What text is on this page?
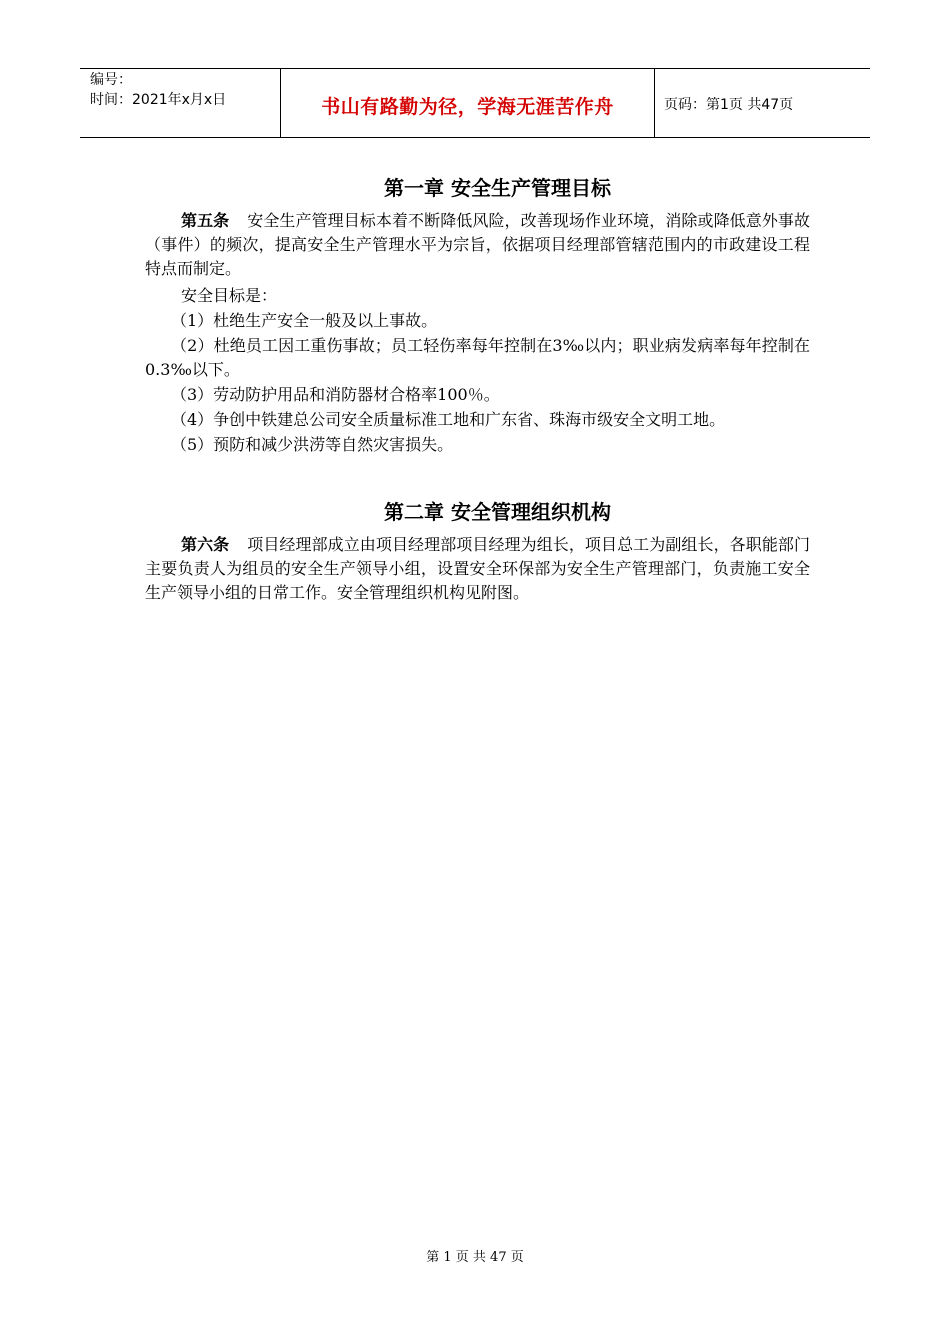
编号：
时间：2021年x月x日	书山有路勤为径，学海无涯苦作舟	页码：第1页 共47页
第一章 安全生产管理目标
第五条 安全生产管理目标本着不断降低风险，改善现场作业环境，消除或降低意外事故（事件）的频次，提高安全生产管理水平为宗旨，依据项目经理部管辖范围内的市政建设工程特点而制定。
安全目标是：
（1）杜绝生产安全一般及以上事故。
（2）杜绝员工因工重伤事故；员工轻伤率每年控制在3‰以内；职业病发病率每年控制在0.3‰以下。
（3）劳动防护用品和消防器材合格率100％。
（4）争创中铁建总公司安全质量标准工地和广东省、珠海市级安全文明工地。
（5）预防和减少洪涝等自然灾害损失。
第二章 安全管理组织机构
第六条 项目经理部成立由项目经理部项目经理为组长，项目总工为副组长，各职能部门主要负责人为组员的安全生产领导小组，设置安全环保部为安全生产管理部门，负责施工安全生产领导小组的日常工作。安全管理组织机构见附图。
第 1 页 共 47 页
